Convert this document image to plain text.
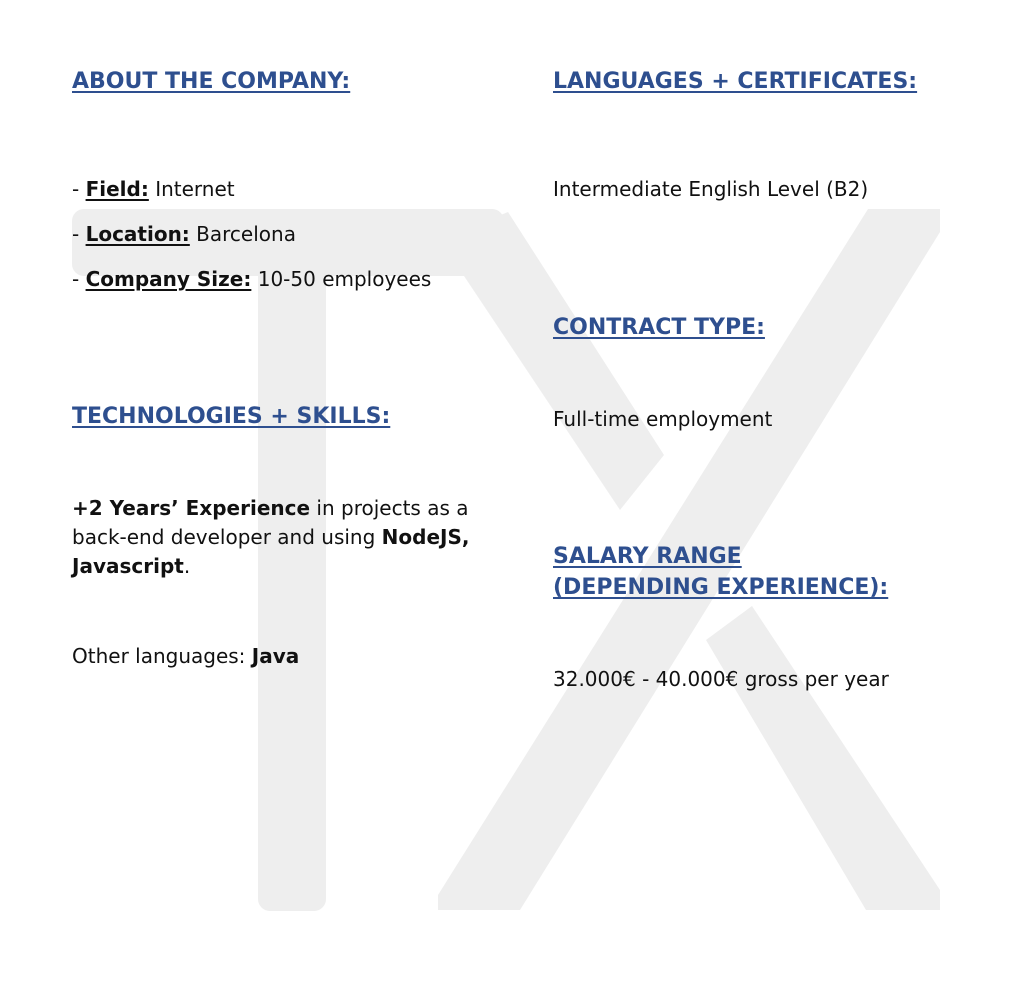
ABOUT THE COMPANY:
- Field: Internet
- Location: Barcelona
- Company Size: 10-50 employees
TECHNOLOGIES + SKILLS:

+2 Years’ Experience in projects as a back-end developer and using NodeJS, Javascript.

Other languages: Java

LANGUAGES + CERTIFICATES:

Intermediate English Level (B2)

CONTRACT TYPE:

Full-time employment

SALARY RANGE (DEPENDING EXPERIENCE):

32.000€ - 40.000€ gross per year
